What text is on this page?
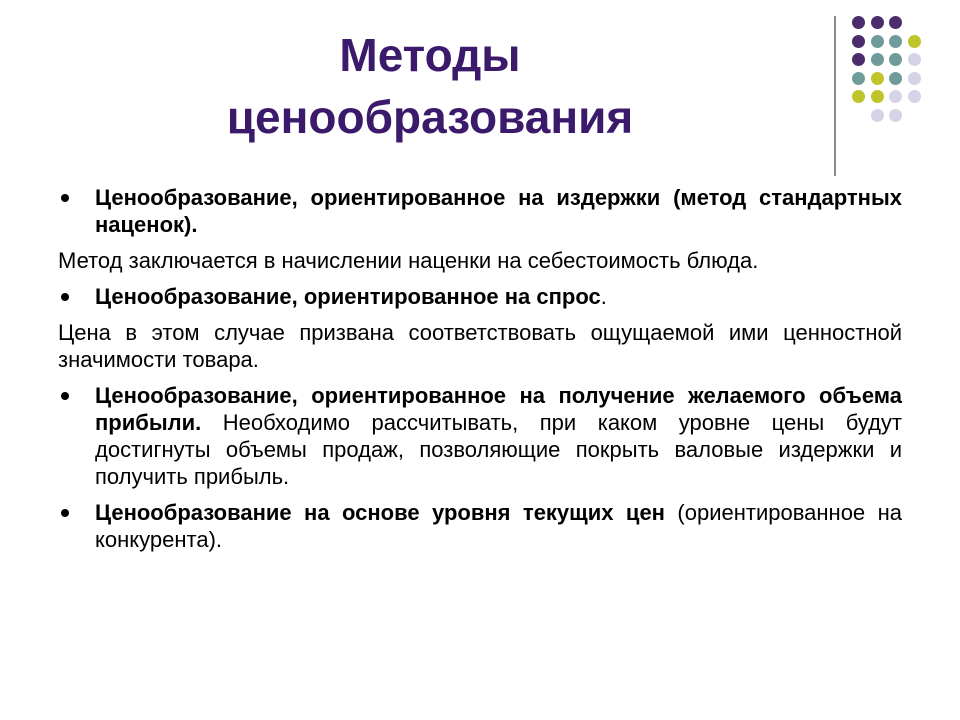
Методы
ценообразования

Ценообразование, ориентированное на издержки (метод стандартных наценок).

Метод заключается в начислении наценки на себестоимость блюда.

Ценообразование, ориентированное на спрос.

Цена в этом случае призвана соответствовать ощущаемой ими ценностной значимости товара.

Ценообразование, ориентированное на получение желаемого объема прибыли. Необходимо рассчитывать, при каком уровне цены будут достигнуты объемы продаж, позволяющие покрыть валовые издержки и получить прибыль.

Ценообразование на основе уровня текущих цен (ориентированное на конкурента).
